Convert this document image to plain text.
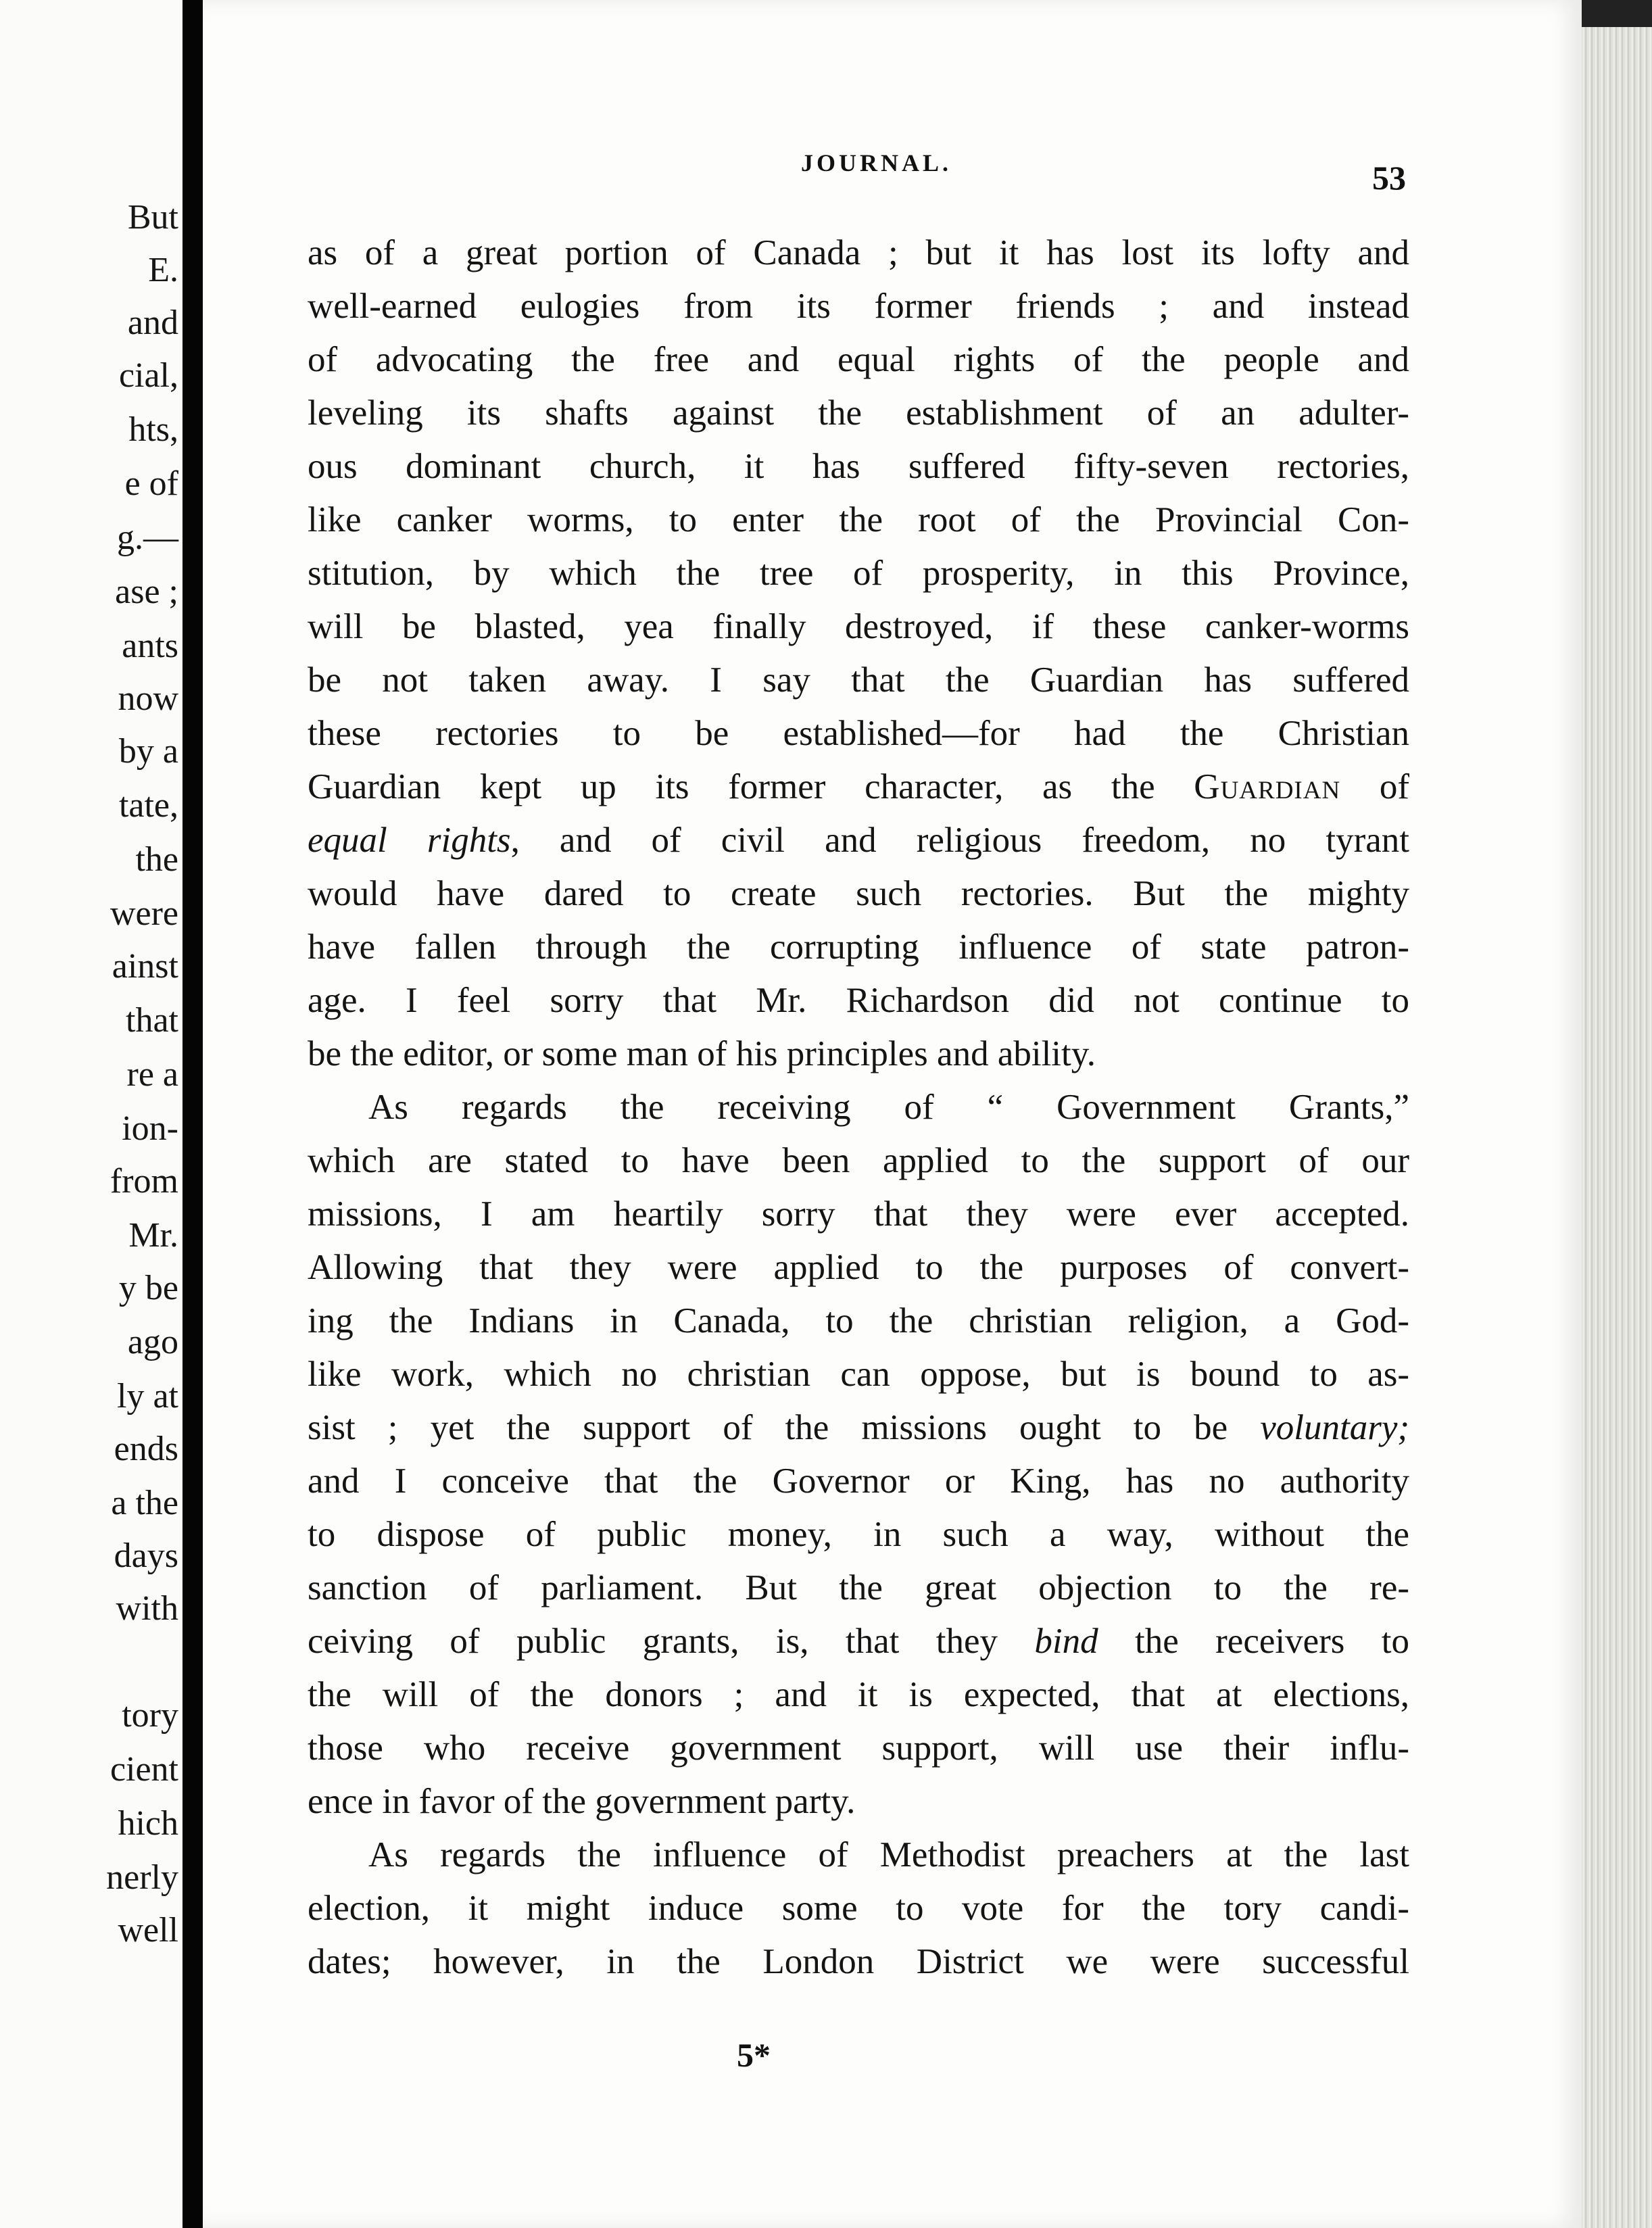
But
E.
and
cial,
hts,
e of
g.—
ase ;
ants
now
by a
tate,
the
were
ainst
that
re a
ion-
from
Mr.
y be
ago
ly at
ends
a the
days
with
tory
cient
hich
nerly
well
JOURNAL.	53
as of a great portion of Canada ; but it has lost its lofty and
well-earned eulogies from its former friends ; and instead
of advocating the free and equal rights of the people and
leveling its shafts against the establishment of an adulter-
ous dominant church, it has suffered fifty-seven rectories,
like canker worms, to enter the root of the Provincial Con-
stitution, by which the tree of prosperity, in this Province,
will be blasted, yea finally destroyed, if these canker-worms
be not taken away. I say that the Guardian has suffered
these rectories to be established—for had the Christian
Guardian kept up its former character, as the Guardian of
equal rights, and of civil and religious freedom, no tyrant
would have dared to create such rectories. But the mighty
have fallen through the corrupting influence of state patron-
age. I feel sorry that Mr. Richardson did not continue to
be the editor, or some man of his principles and ability.
As regards the receiving of “ Government Grants,”
which are stated to have been applied to the support of our
missions, I am heartily sorry that they were ever accepted.
Allowing that they were applied to the purposes of convert-
ing the Indians in Canada, to the christian religion, a God-
like work, which no christian can oppose, but is bound to as-
sist ; yet the support of the missions ought to be voluntary;
and I conceive that the Governor or King, has no authority
to dispose of public money, in such a way, without the
sanction of parliament. But the great objection to the re-
ceiving of public grants, is, that they bind the receivers to
the will of the donors ; and it is expected, that at elections,
those who receive government support, will use their influ-
ence in favor of the government party.
As regards the influence of Methodist preachers at the last
election, it might induce some to vote for the tory candi-
dates; however, in the London District we were successful
5*
